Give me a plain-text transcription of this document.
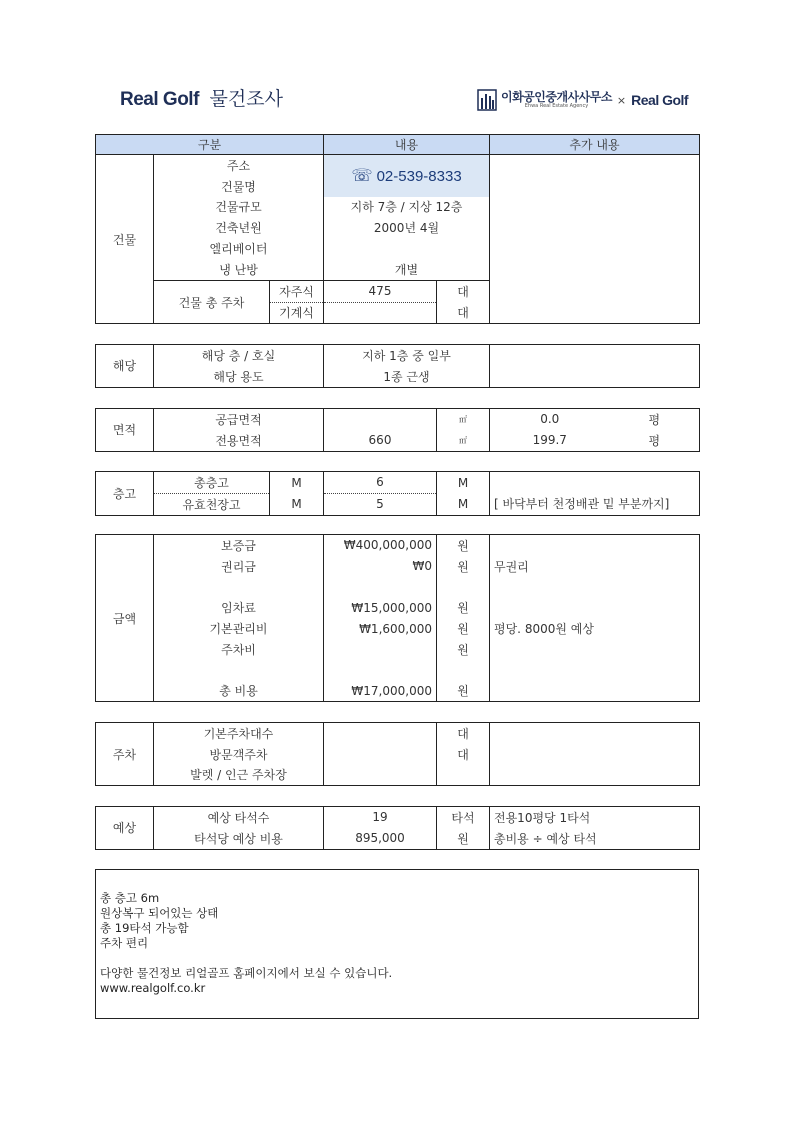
Real Golf 물건조사	이화공인중개사사무소
Ehwa Real Estate Agency	× Real Golf
구분			내용		추가 내용
건물	주소		☏ 02-539-8333		
	건물명				
	건물규모		지하 7층 / 지상 12층		
	건축년원		2000년 4월		
	엘리베이터				
	냉 난방		개별		
	건물 총 주차	자주식	475	대	
		기계식		대	
해당	해당 층 / 호실	지하 1층 중 일부	
	해당 용도	1종 근생	
면적	공급면적		㎡	0.0	평
	전용면적	660	㎡	199.7	평
층고	총층고	M	6	M	
	유효천장고	M	5	M	[ 바닥부터 천정배관 밑 부분까지]
금액	보증금	₩400,000,000	원	
	권리금	₩0	원	무권리

	임차료	₩15,000,000	원	
	기본관리비	₩1,600,000	원	평당. 8000원 예상
	주차비		원	

	총 비용	₩17,000,000	원	
주차	기본주차대수		대	
	방문객주차		대	
	발렛 / 인근 주차장			
예상	예상 타석수	19	타석	전용10평당 1타석
	타석당 예상 비용	895,000	원	총비용 ÷ 예상 타석
총 층고 6m
원상복구 되어있는 상태
총 19타석 가능함
주차 편리
다양한 물건정보 리얼골프 홈페이지에서 보실 수 있습니다.
www.realgolf.co.kr
